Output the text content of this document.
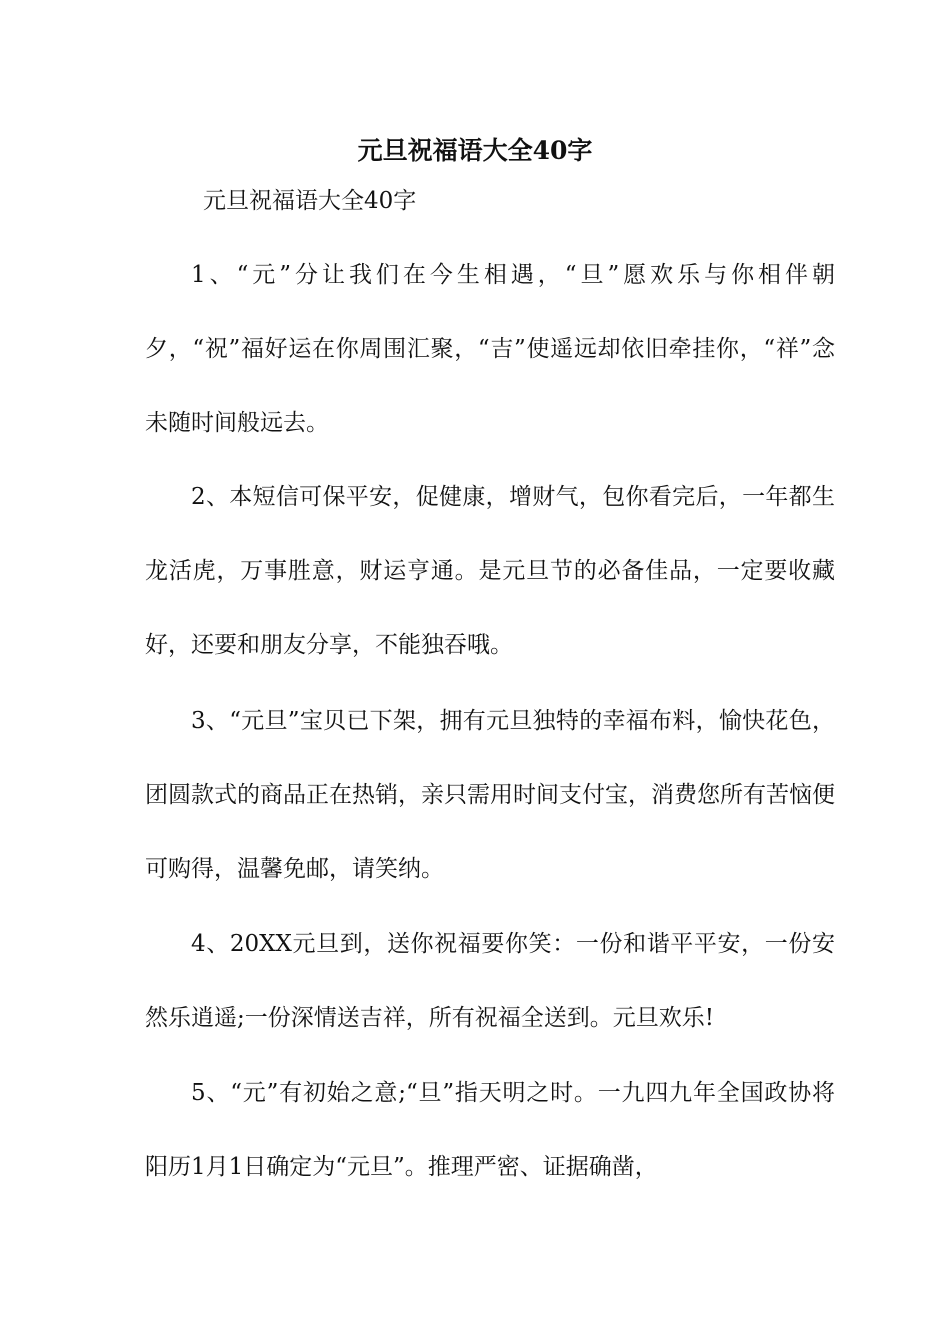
元旦祝福语大全40字

元旦祝福语大全40字

1、“元”分让我们在今生相遇，“旦”愿欢乐与你相伴朝夕，“祝”福好运在你周围汇聚，“吉”使遥远却依旧牵挂你，“祥”念未随时间般远去。

2、本短信可保平安，促健康，增财气，包你看完后，一年都生龙活虎，万事胜意，财运亨通。是元旦节的必备佳品，一定要收藏好，还要和朋友分享，不能独吞哦。

3、“元旦”宝贝已下架，拥有元旦独特的幸福布料，愉快花色，团圆款式的商品正在热销，亲只需用时间支付宝，消费您所有苦恼便可购得，温馨免邮，请笑纳。

4、20XX元旦到，送你祝福要你笑：一份和谐平平安，一份安然乐逍遥;一份深情送吉祥，所有祝福全送到。元旦欢乐!

5、“元”有初始之意;“旦”指天明之时。一九四九年全国政协将阳历1月1日确定为“元旦”。推理严密、证据确凿，
